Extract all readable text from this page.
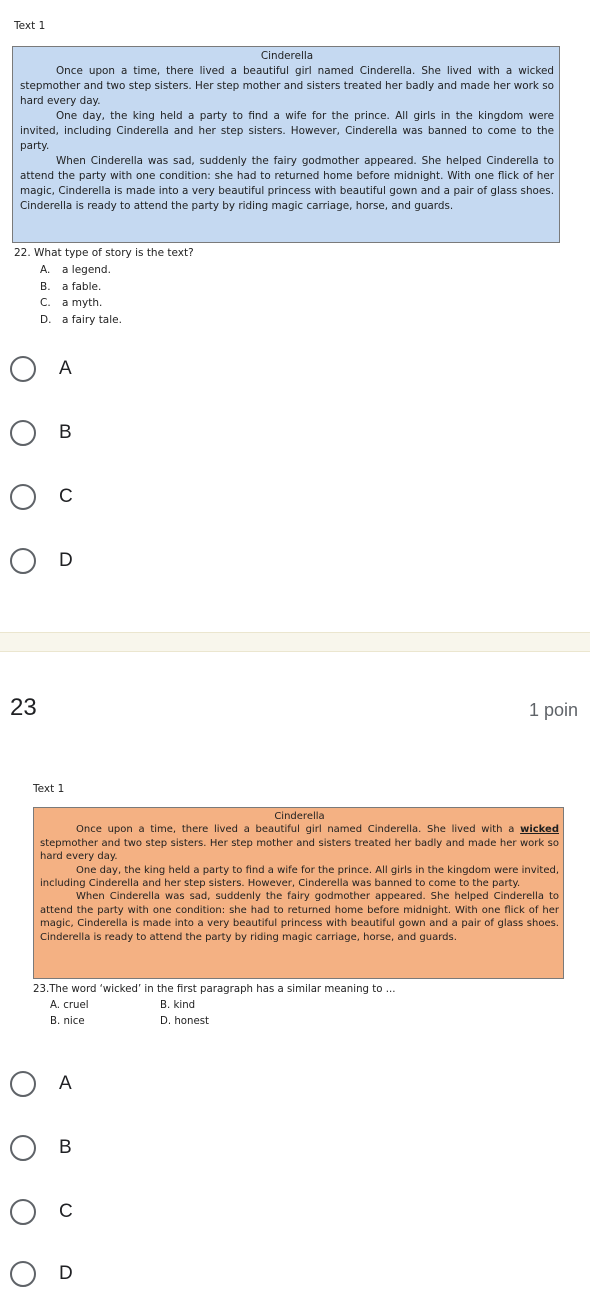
Text 1
Cinderella

Once upon a time, there lived a beautiful girl named Cinderella. She lived with a wicked stepmother and two step sisters. Her step mother and sisters treated her badly and made her work so hard every day.

One day, the king held a party to find a wife for the prince. All girls in the kingdom were invited, including Cinderella and her step sisters. However, Cinderella was banned to come to the party.

When Cinderella was sad, suddenly the fairy godmother appeared. She helped Cinderella to attend the party with one condition: she had to returned home before midnight. With one flick of her magic, Cinderella is made into a very beautiful princess with beautiful gown and a pair of glass shoes. Cinderella is ready to attend the party by riding magic carriage, horse, and guards.

22. What type of story is the text?
A.	a legend.
B.	a fable.
C.	a myth.
D.	a fairy tale.
A
B
C
D
23	1 poin
Text 1
Cinderella

Once upon a time, there lived a beautiful girl named Cinderella. She lived with a wicked stepmother and two step sisters. Her step mother and sisters treated her badly and made her work so hard every day.

One day, the king held a party to find a wife for the prince. All girls in the kingdom were invited, including Cinderella and her step sisters. However, Cinderella was banned to come to the party.

When Cinderella was sad, suddenly the fairy godmother appeared. She helped Cinderella to attend the party with one condition: she had to returned home before midnight. With one flick of her magic, Cinderella is made into a very beautiful princess with beautiful gown and a pair of glass shoes. Cinderella is ready to attend the party by riding magic carriage, horse, and guards.

23.The word ‘wicked’ in the first paragraph has a similar meaning to ...
A. cruel	B. kind
B. nice	D. honest
A
B
C
D
